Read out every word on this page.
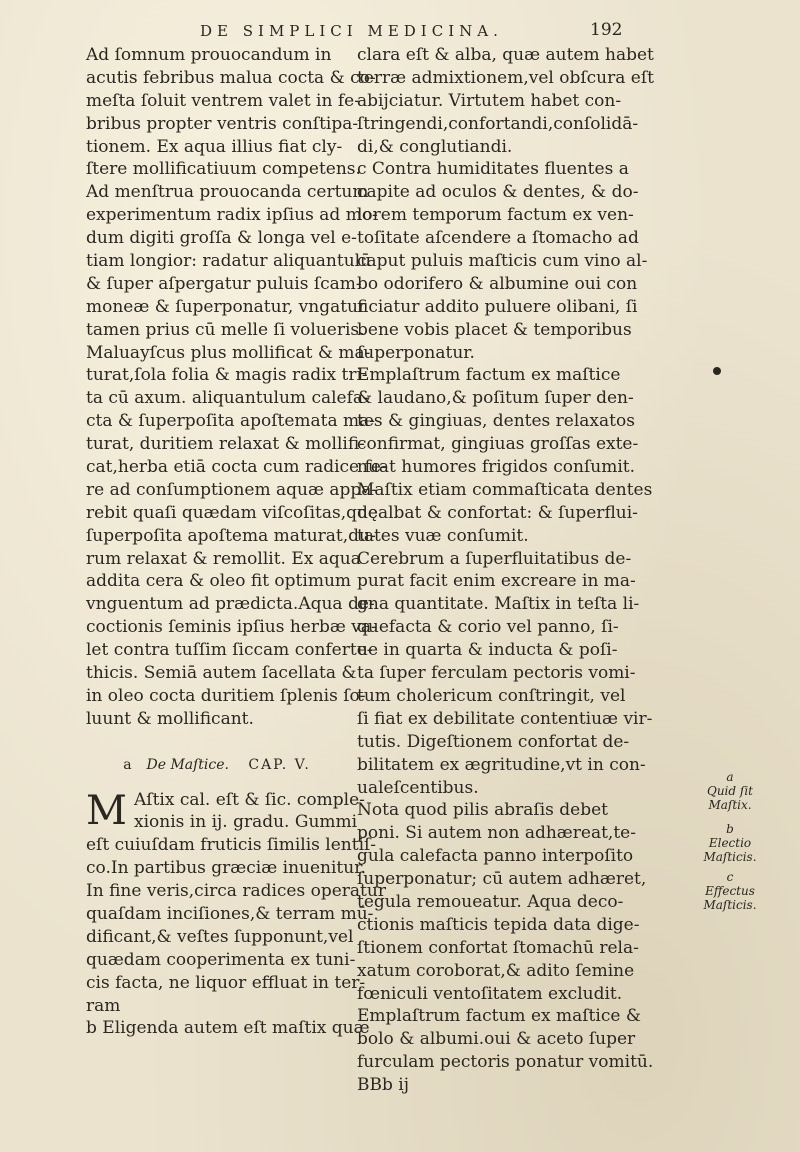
DE SIMPLICI MEDICINA.	192
Ad ſomnum prouocandum in
acutis febribus malua cocta & co-
meſta ſoluit ventrem valet in fe-
bribus propter ventris conſtipa-
tionem. Ex aqua illius fiat cly-
ſtere mollificatiuum competens.
Ad menſtrua prouocanda certum
experimentum radix ipſius ad mo-
dum digiti groſſa & longa vel e-
tiam longior: radatur aliquantulū
& ſuper aſpergatur puluis ſcam-
moneæ & ſuperponatur, vngatur
tamen prius cū melle ſi volueris.
Maluayſcus plus mollificat & ma-
turat,ſola folia & magis radix tri-
ta cū axum. aliquantulum calefa-
cta & ſuperpoſita apoſtemata ma-
turat, duritiem relaxat & mollifi-
cat,herba etiā cocta cum radice fe-
re ad conſumptionem aquæ appa-
rebit quaſi quædam viſcoſitas,quę
ſuperpoſita apoſtema maturat,du-
rum relaxat & remollit. Ex aqua
addita cera & oleo fit optimum
vnguentum ad prædicta.Aqua de-
coctionis ſeminis ipſius herbæ va-
let contra tuſſim ſiccam conferte-
thicis. Semiā autem ſacellata &
in oleo cocta duritiem ſplenis ſo-
luunt & mollificant.
a De Maſtice. CAP. V.
M Aſtix cal. eſt & ſic. comple-
xionis in ij. gradu. Gummi
eſt cuiuſdam fruticis ſimilis lentiſ-
co.In partibus græciæ inuenitur.
In fine veris,circa radices operatur
quaſdam inciſiones,& terram mū-
dificant,& veſtes ſupponunt,vel
quædam cooperimenta ex tuni-
cis facta, ne liquor effluat in ter-
ram
b Eligenda autem eſt maſtix quæ
clara eſt & alba, quæ autem habet
terræ admixtionem,vel obſcura eſt
abijciatur. Virtutem habet con-
ſtringendi,confortandi,conſolidā-
di,& conglutiandi.
c Contra humiditates fluentes a
capite ad oculos & dentes, & do-
lorem temporum factum ex ven-
toſitate aſcendere a ſtomacho ad
caput puluis maſticis cum vino al-
bo odorifero & albumine oui con
ficiatur addito puluere olibani, ſi
bene vobis placet & temporibus
ſuperponatur.
Emplaſtrum factum ex maſtice
& laudano,& poſitum ſuper den-
tes & gingiuas, dentes relaxatos
confirmat, gingiuas groſſas exte-
nuat humores frigidos conſumit.
Maſtix etiam commaſticata dentes
dealbat & confortat: & ſuperflui-
tates vuæ conſumit.
Cerebrum a ſuperfluitatibus de-
purat facit enim excreare in ma-
gna quantitate. Maſtix in teſta li-
quefacta & corio vel panno, ſi-
ue in quarta & inducta & poſi-
ta ſuper ferculam pectoris vomi-
tum cholericum conſtringit, vel
ſi fiat ex debilitate contentiuæ vir-
tutis. Digeſtionem confortat de-
bilitatem ex ægritudine,vt in con-
ualeſcentibus.
Nota quod pilis abraſis debet
poni. Si autem non adhæreat,te-
gula calefacta panno interpoſito
ſuperponatur; cū autem adhæret,
tegula remoueatur. Aqua deco-
ctionis maſticis tepida data dige-
ſtionem confortat ſtomachū rela-
xatum coroborat,& adito ſemine
fœniculi ventoſitatem excludit.
Emplaſtrum factum ex maſtice &
bolo & albumi.oui & aceto ſuper
furculam pectoris ponatur vomitū.
BBb ij
a
Quid ſit Maſtix.
b
Electio Maſticis.
c
Effectus Maſticis.
